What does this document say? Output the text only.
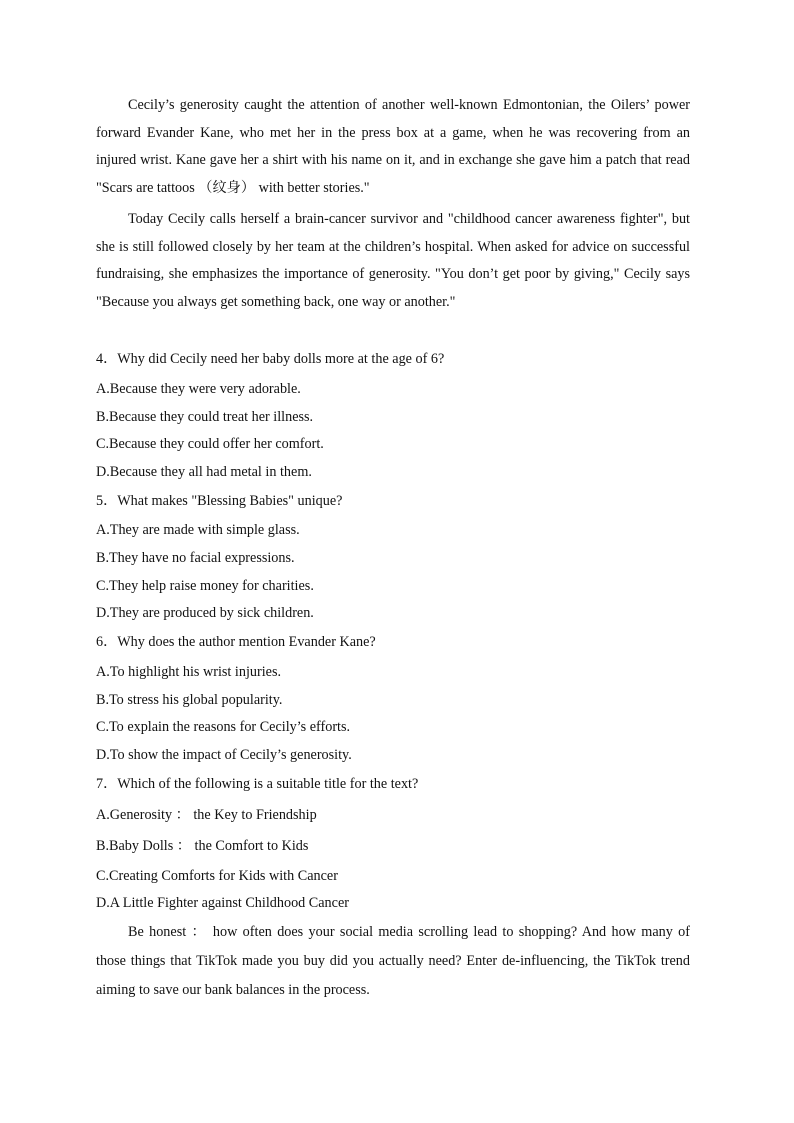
Cecily’s generosity caught the attention of another well-known Edmontonian, the Oilers’ power forward Evander Kane, who met her in the press box at a game, when he was recovering from an injured wrist. Kane gave her a shirt with his name on it, and in exchange she gave him a patch that read "Scars are tattoos （纹身） with better stories."

Today Cecily calls herself a brain-cancer survivor and "childhood cancer awareness fighter", but she is still followed closely by her team at the children’s hospital. When asked for advice on successful fundraising, she emphasizes the importance of generosity. "You don’t get poor by giving," Cecily says "Because you always get something back, one way or another."

4．Why did Cecily need her baby dolls more at the age of 6?
A.Because they were very adorable.
B.Because they could treat her illness.
C.Because they could offer her comfort.
D.Because they all had metal in them.
5．What makes "Blessing Babies" unique?
A.They are made with simple glass.
B.They have no facial expressions.
C.They help raise money for charities.
D.They are produced by sick children.
6．Why does the author mention Evander Kane?
A.To highlight his wrist injuries.
B.To stress his global popularity.
C.To explain the reasons for Cecily’s efforts.
D.To show the impact of Cecily’s generosity.
7．Which of the following is a suitable title for the text?
A.Generosity ： the Key to Friendship
B.Baby Dolls ： the Comfort to Kids
C.Creating Comforts for Kids with Cancer
D.A Little Fighter against Childhood Cancer

Be honest ： how often does your social media scrolling lead to shopping? And how many of those things that TikTok made you buy did you actually need? Enter de-influencing, the TikTok trend aiming to save our bank balances in the process.
